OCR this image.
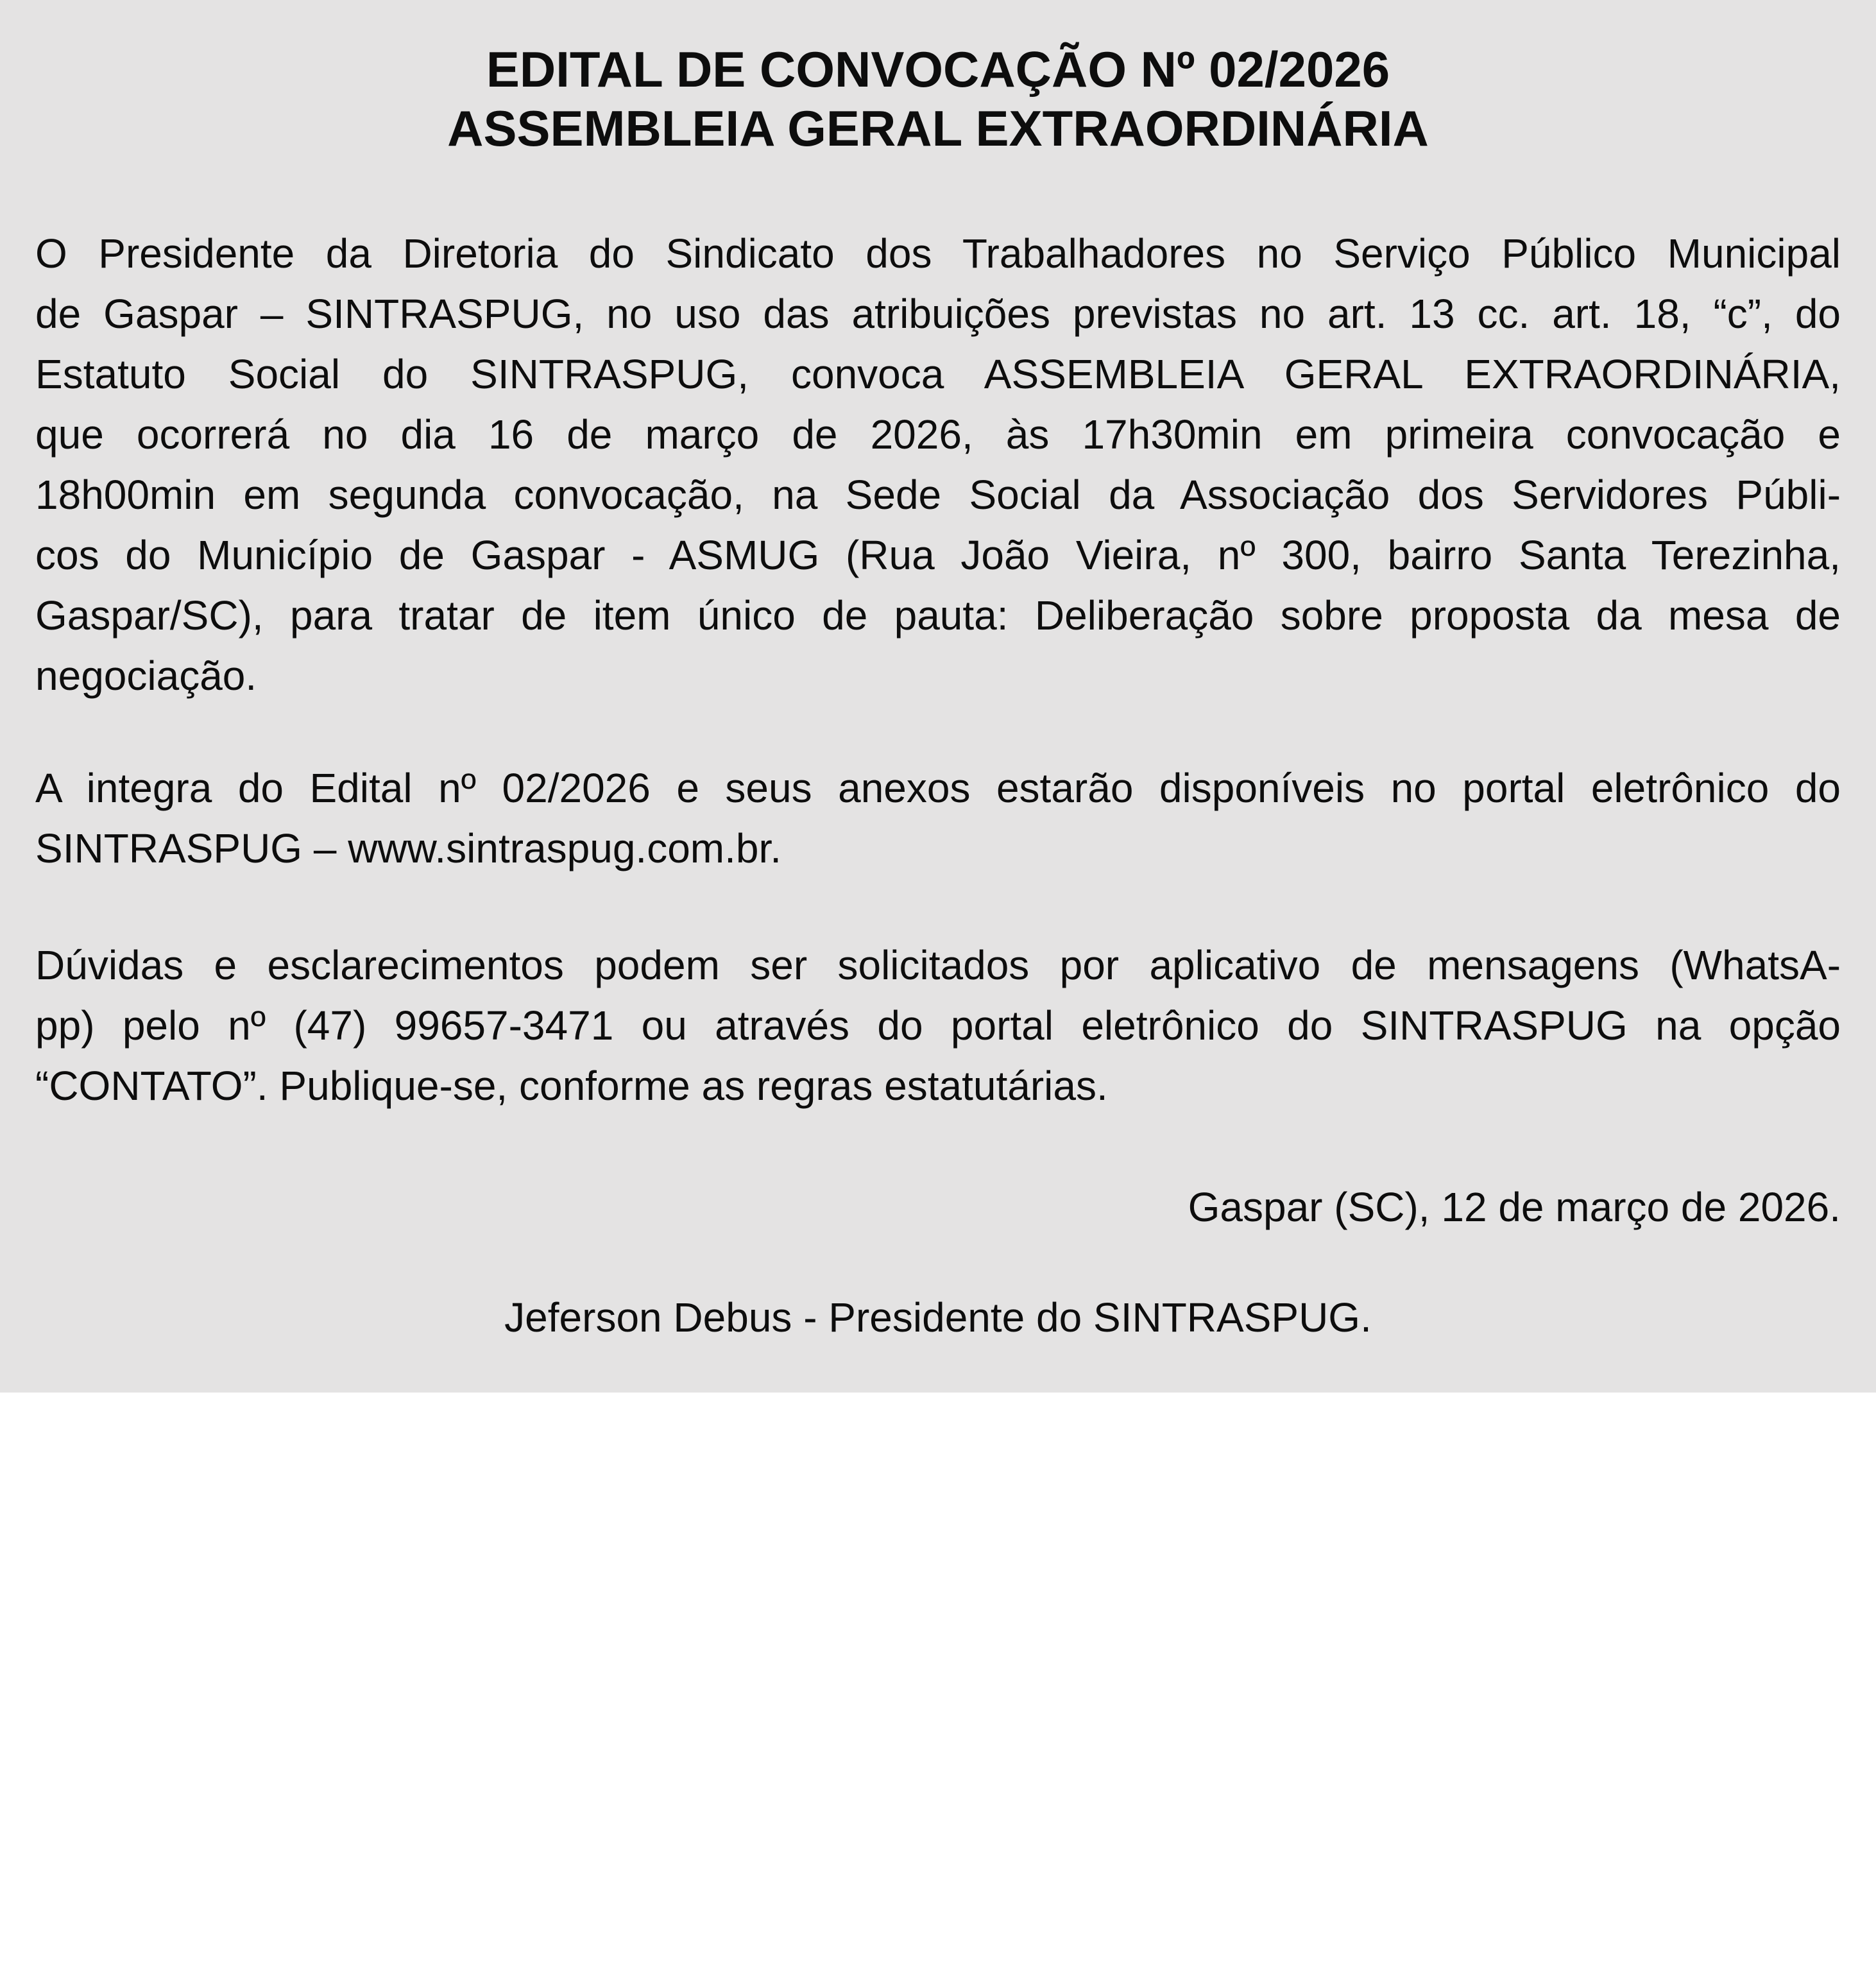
EDITAL DE CONVOCAÇÃO Nº 02/2026
ASSEMBLEIA GERAL EXTRAORDINÁRIA
O Presidente da Diretoria do Sindicato dos Trabalhadores no Serviço Público Municipal
de Gaspar – SINTRASPUG, no uso das atribuições previstas no art. 13 cc. art. 18, “c”, do
Estatuto Social do SINTRASPUG, convoca ASSEMBLEIA GERAL EXTRAORDINÁRIA,
que ocorrerá no dia 16 de março de 2026, às 17h30min em primeira convocação e
18h00min em segunda convocação, na Sede Social da Associação dos Servidores Públi-
cos do Município de Gaspar - ASMUG (Rua João Vieira, nº 300, bairro Santa Terezinha,
Gaspar/SC), para tratar de item único de pauta: Deliberação sobre proposta da mesa de
negociação.
A integra do Edital nº 02/2026 e seus anexos estarão disponíveis no portal eletrônico do
SINTRASPUG – www.sintraspug.com.br.
Dúvidas e esclarecimentos podem ser solicitados por aplicativo de mensagens (WhatsA-
pp) pelo nº (47) 99657-3471 ou através do portal eletrônico do SINTRASPUG na opção
“CONTATO”. Publique-se, conforme as regras estatutárias.
Gaspar (SC), 12 de março de 2026.
Jeferson Debus - Presidente do SINTRASPUG.
